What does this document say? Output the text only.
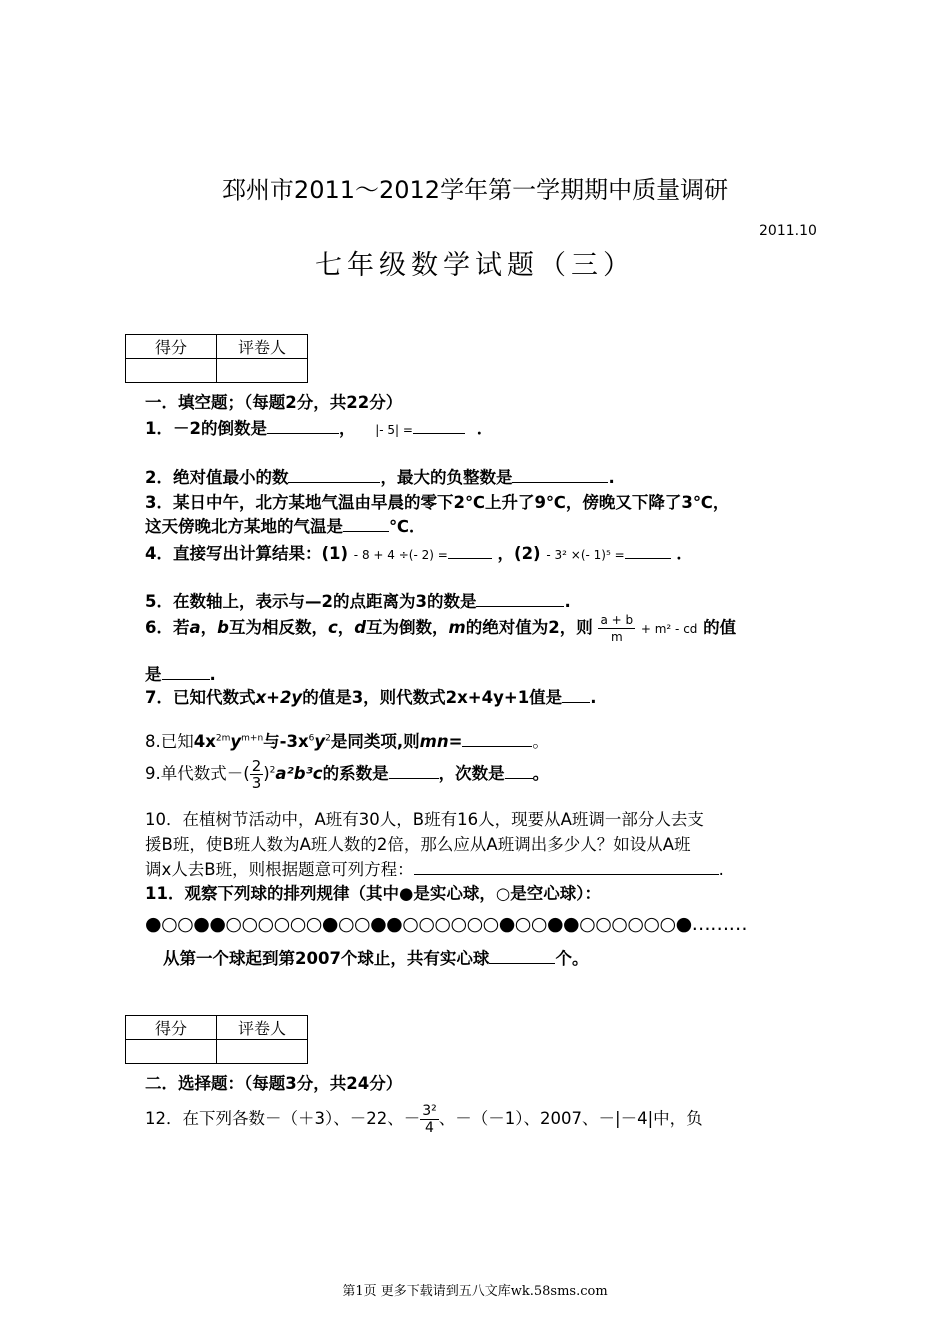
邳州市2011～2012学年第一学期期中质量调研
2011.10
七年级数学试题（三）
得分	评卷人

一．填空题；（每题2分，共22分）
1．－2的倒数是	， |- 5| =	．
2．绝对值最小的数	，最大的负整数是	.
3．某日中午，北方某地气温由早晨的零下2℃上升了9℃，傍晚又下降了3℃，
这天傍晚北方某地的气温是	℃．
4．直接写出计算结果：(1) - 8 + 4 ÷(- 2) =	，(2) - 3² ×(- 1)⁵ =	．
5．在数轴上，表示与—2的点距离为3的数是	.
6．若a，b互为相反数，c，d互为倒数，m的绝对值为2，则 $\frac{a + b}{m} + m^2$ - cd 的值
是	.
7．已知代数式x+2y的值是3，则代数式2x+4y+1值是 .
8.已知$4x^{2m}y^{m+n}$与$-3x^6y^2$是同类项,则mn=	。
9.单代数式－( $\frac{2}{3} )^2a^2b^3c$的系数是	，次数是 。
10．在植树节活动中，A班有30人，B班有16人，现要从A班调一部分人去支
援B班，使B班人数为A班人数的2倍，那么应从A班调出多少人？如设从A班
调x人去B班，则根据题意可列方程：	.
11．观察下列球的排列规律（其中●是实心球，○是空心球）：
●○○●●○○○○○○●○○●●○○○○○○●○○●●○○○○○○●………
从第一个球起到第2007个球止，共有实心球	个。
得分	评卷人

二．选择题：（每题3分，共24分）
12．在下列各数－（＋3）、－22、－ $\frac{\text{3²}}{4}$ 、－（－1）、2007、－|－4|中，负
第1页 更多下载请到五八文库wk.58sms.com
